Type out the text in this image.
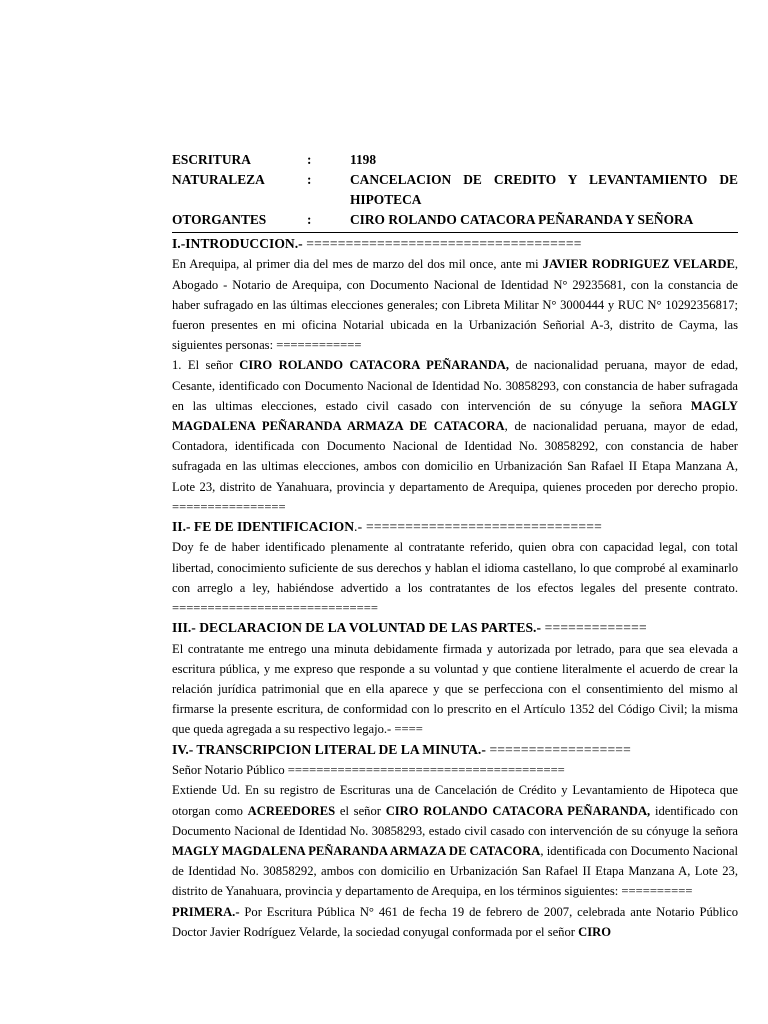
ESCRITURA	:	1198
NATURALEZA	:	CANCELACION DE CREDITO Y LEVANTAMIENTO DE HIPOTECA
OTORGANTES	:	CIRO ROLANDO CATACORA PEÑARANDA Y SEÑORA
I.-INTRODUCCION.- ===================================

En Arequipa, al primer dia del mes de marzo del dos mil once, ante mi JAVIER RODRIGUEZ VELARDE, Abogado - Notario de Arequipa, con Documento Nacional de Identidad N° 29235681, con la constancia de haber sufragado en las últimas elecciones generales; con Libreta Militar N° 3000444 y RUC N° 10292356817; fueron presentes en mi oficina Notarial ubicada en la Urbanización Señorial A-3, distrito de Cayma, las siguientes personas: ============

1. El señor CIRO ROLANDO CATACORA PEÑARANDA, de nacionalidad peruana, mayor de edad, Cesante, identificado con Documento Nacional de Identidad No. 30858293, con constancia de haber sufragada en las ultimas elecciones, estado civil casado con intervención de su cónyuge la señora MAGLY MAGDALENA PEÑARANDA ARMAZA DE CATACORA, de nacionalidad peruana, mayor de edad, Contadora, identificada con Documento Nacional de Identidad No. 30858292, con constancia de haber sufragada en las ultimas elecciones, ambos con domicilio en Urbanización San Rafael II Etapa Manzana A, Lote 23, distrito de Yanahuara, provincia y departamento de Arequipa, quienes proceden por derecho propio. ================

II.- FE DE IDENTIFICACION.- ==============================

Doy fe de haber identificado plenamente al contratante referido, quien obra con capacidad legal, con total libertad, conocimiento suficiente de sus derechos y hablan el idioma castellano, lo que comprobé al examinarlo con arreglo a ley, habiéndose advertido a los contratantes de los efectos legales del presente contrato. =============================

III.- DECLARACION DE LA VOLUNTAD DE LAS PARTES.- =============

El contratante me entrego una minuta debidamente firmada y autorizada por letrado, para que sea elevada a escritura pública, y me expreso que responde a su voluntad y que contiene literalmente el acuerdo de crear la relación jurídica patrimonial que en ella aparece y que se perfecciona con el consentimiento del mismo al firmarse la presente escritura, de conformidad con lo prescrito en el Artículo 1352 del Código Civil; la misma que queda agregada a su respectivo legajo.- ====

IV.- TRANSCRIPCION LITERAL DE LA MINUTA.- ==================

Señor Notario Público =======================================

Extiende Ud. En su registro de Escrituras una de Cancelación de Crédito y Levantamiento de Hipoteca que otorgan como ACREEDORES el señor CIRO ROLANDO CATACORA PEÑARANDA, identificado con Documento Nacional de Identidad No. 30858293, estado civil casado con intervención de su cónyuge la señora MAGLY MAGDALENA PEÑARANDA ARMAZA DE CATACORA, identificada con Documento Nacional de Identidad No. 30858292, ambos con domicilio en Urbanización San Rafael II Etapa Manzana A, Lote 23, distrito de Yanahuara, provincia y departamento de Arequipa, en los términos siguientes: ==========

PRIMERA.- Por Escritura Pública N° 461 de fecha 19 de febrero de 2007, celebrada ante Notario Público Doctor Javier Rodríguez Velarde, la sociedad conyugal conformada por el señor CIRO
